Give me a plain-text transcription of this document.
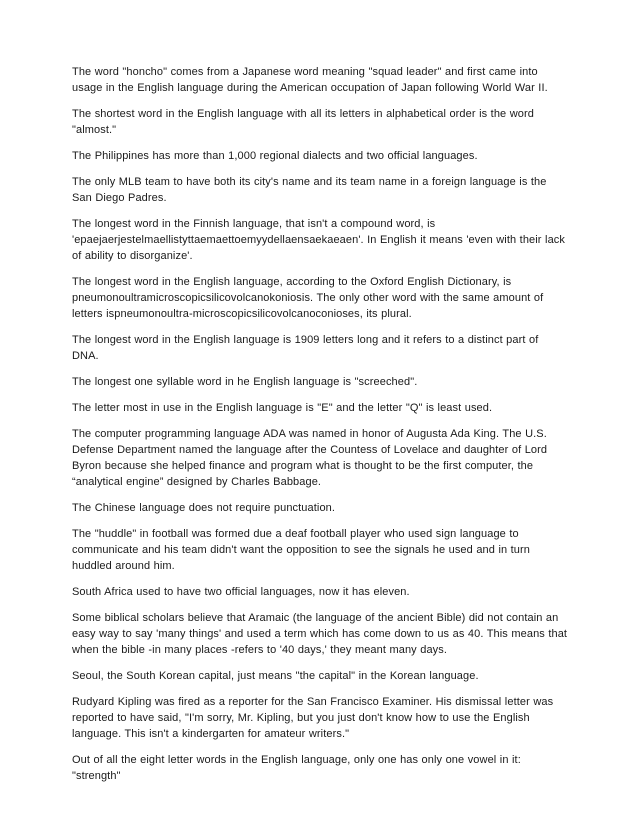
The word "honcho" comes from a Japanese word meaning "squad leader" and first came into usage in the English language during the American occupation of Japan following World War II.

The shortest word in the English language with all its letters in alphabetical order is the word "almost."

The Philippines has more than 1,000 regional dialects and two official languages.

The only MLB team to have both its city's name and its team name in a foreign language is the San Diego Padres.

The longest word in the Finnish language, that isn't a compound word, is 'epaejaerjestelmaellistyttaemaettoemyydellaensaekaeaen'. In English it means 'even with their lack of ability to disorganize'.

The longest word in the English language, according to the Oxford English Dictionary, is pneumonoultramicroscopicsilicovolcanokoniosis. The only other word with the same amount of letters ispneumonoultra-microscopicsilicovolcanoconioses, its plural.

The longest word in the English language is 1909 letters long and it refers to a distinct part of DNA.

The longest one syllable word in he English language is "screeched".

The letter most in use in the English language is "E" and the letter "Q" is least used.

The computer programming language ADA was named in honor of Augusta Ada King. The U.S. Defense Department named the language after the Countess of Lovelace and daughter of Lord Byron because she helped finance and program what is thought to be the first computer, the “analytical engine” designed by Charles Babbage.

The Chinese language does not require punctuation.

The "huddle" in football was formed due a deaf football player who used sign language to communicate and his team didn't want the opposition to see the signals he used and in turn huddled around him.

South Africa used to have two official languages, now it has eleven.

Some biblical scholars believe that Aramaic (the language of the ancient Bible) did not contain an easy way to say 'many things' and used a term which has come down to us as 40. This means that when the bible -in many places -refers to '40 days,' they meant many days.

Seoul, the South Korean capital, just means "the capital" in the Korean language.

Rudyard Kipling was fired as a reporter for the San Francisco Examiner. His dismissal letter was reported to have said, "I'm sorry, Mr. Kipling, but you just don't know how to use the English language. This isn't a kindergarten for amateur writers."

Out of all the eight letter words in the English language, only one has only one vowel in it: "strength"
